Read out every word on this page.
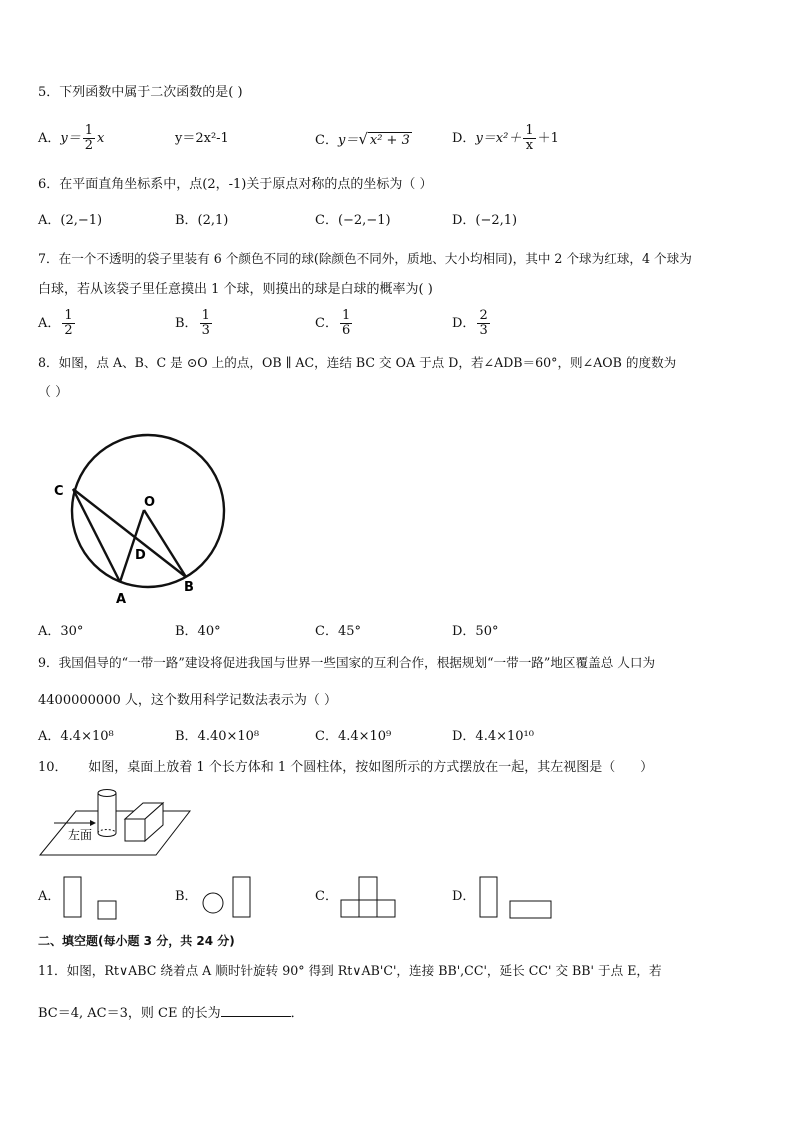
5．下列函数中属于二次函数的是( )
A．$y= \frac{1}{2}$ x	y＝2x²-1	C．y＝√ x² + 3	D．$y=x^2+ \frac{1}{x} +1$
6．在平面直角坐标系中，点(2，-1)关于原点对称的点的坐标为（ ）
A．(2,−1)	B．(2,1)	C．(−2,−1)	D．(−2,1)
7．在一个不透明的袋子里装有 6 个颜色不同的球(除颜色不同外，质地、大小均相同)，其中 2 个球为红球，4 个球为
白球，若从该袋子里任意摸出 1 个球，则摸出的球是白球的概率为( )
A． $\frac{1}{2}$	B． $\frac{1}{3}$	C． $\frac{1}{6}$	D． $\frac{2}{3}$
8．如图，点 A、B、C 是 ⊙O 上的点，OB ∥ AC，连结 BC 交 OA 于点 D，若∠ADB＝60°，则∠AOB 的度数为
（ ）
C
O
D
A
B
A．30°	B．40°	C．45°	D．50°
9．我国倡导的“一带一路”建设将促进我国与世界一些国家的互利合作，根据规划“一带一路”地区覆盖总 人口为
4400000000 人，这个数用科学记数法表示为（ ）
A．4.4×10⁸	B．4.40×10⁸	C．4.4×10⁹	D．4.4×10¹⁰
10．     如图，桌面上放着 1 个长方体和 1 个圆柱体，按如图所示的方式摆放在一起，其左视图是（      ）
左面
A．	B．	C．	D．
二、填空题(每小题 3 分，共 24 分)
11．如图，Rt∨ABC 绕着点 A 顺时针旋转 90° 得到 Rt∨AB'C'，连接 BB',CC'，延长 CC' 交 BB' 于点 E，若
BC＝4, AC＝3，则 CE 的长为	．
